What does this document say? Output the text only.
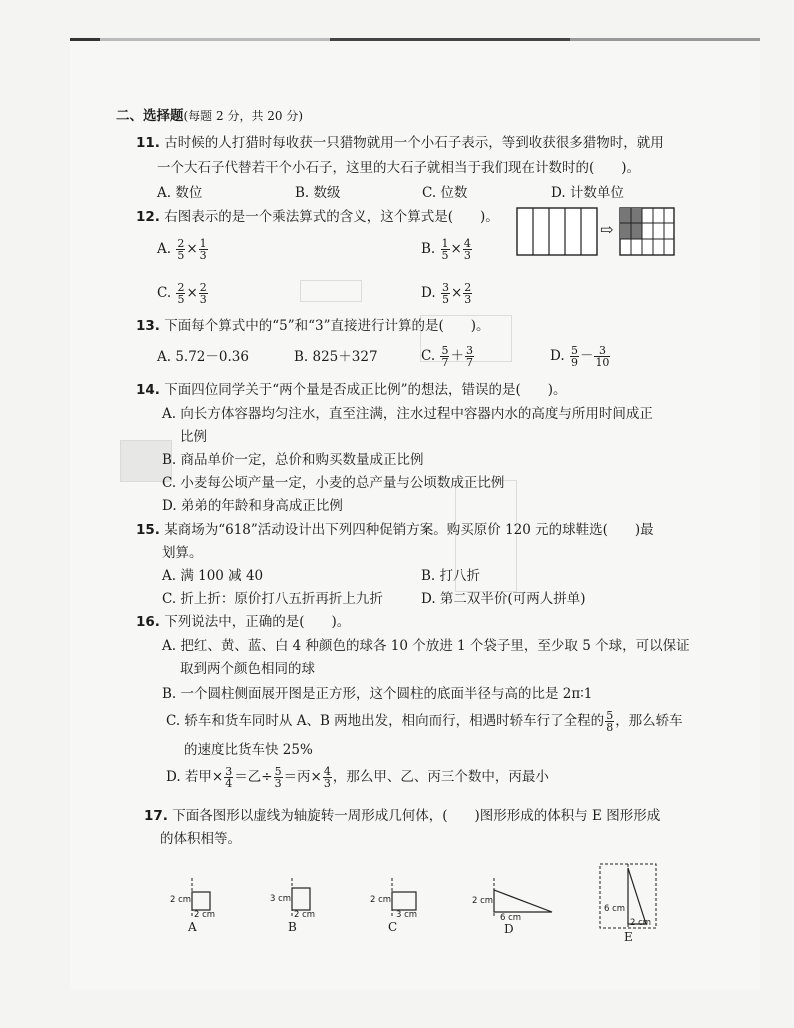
二、选择题(每题 2 分，共 20 分)
11. 古时候的人打猎时每收获一只猎物就用一个小石子表示，等到收获很多猎物时，就用
一个大石子代替若干个小石子，这里的大石子就相当于我们现在计数时的(　　)。
A. 数位	B. 数级	C. 位数	D. 计数单位
12. 右图表示的是一个乘法算式的含义，这个算式是(　　)。
A. $\frac{2}{5} \times \frac{1}{3}$	B. $\frac{1}{5} \times \frac{4}{3}$
C. $\frac{2}{5} \times \frac{2}{3}$	D. $\frac{3}{5} \times \frac{2}{3}$
⇨
13. 下面每个算式中的“5”和“3”直接进行计算的是(　　)。
A. 5.72－0.36	B. 825＋327	C. $\frac{5}{7} + \frac{3}{7}$	D. $\frac{5}{9} - \frac{3}{10}$
14. 下面四位同学关于“两个量是否成正比例”的想法，错误的是(　　)。
A. 向长方体容器均匀注水，直至注满，注水过程中容器内水的高度与所用时间成正
比例
B. 商品单价一定，总价和购买数量成正比例
C. 小麦每公顷产量一定，小麦的总产量与公顷数成正比例
D. 弟弟的年龄和身高成正比例
15. 某商场为“618”活动设计出下列四种促销方案。购买原价 120 元的球鞋选(　　)最
划算。
A. 满 100 减 40	B. 打八折
C. 折上折：原价打八五折再折上九折	D. 第二双半价(可两人拼单)
16. 下列说法中，正确的是(　　)。
A. 把红、黄、蓝、白 4 种颜色的球各 10 个放进 1 个袋子里，至少取 5 个球，可以保证
取到两个颜色相同的球
B. 一个圆柱侧面展开图是正方形，这个圆柱的底面半径与高的比是 2π∶1
C. 轿车和货车同时从 A、B 两地出发，相向而行，相遇时轿车行了全程的 $\frac{5}{8}$ ，那么轿车
的速度比货车快 25%
D. 若甲× $\frac{3}{4}$ ＝乙÷ $\frac{5}{3}$ ＝丙× $\frac{4}{3}$ ，那么甲、乙、丙三个数中，丙最小
17. 下面各图形以虚线为轴旋转一周形成几何体，(　　)图形形成的体积与 E 图形形成
的体积相等。
2 cm
2 cm
A
3 cm
2 cm
B
2 cm
3 cm
C
2 cm
6 cm
D
6 cm
2 cm
E
